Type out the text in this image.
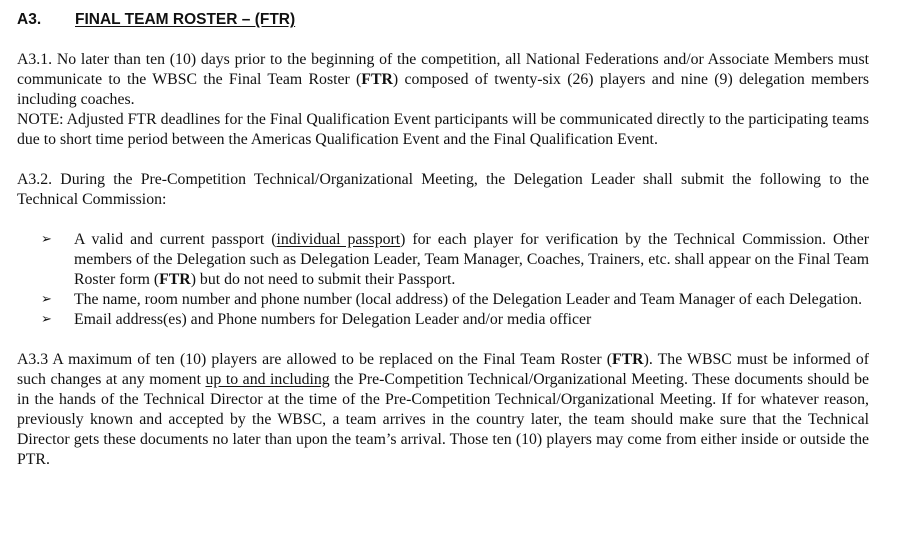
A3. FINAL TEAM ROSTER – (FTR)

A3.1. No later than ten (10) days prior to the beginning of the competition, all National Federations and/or Associate Members must communicate to the WBSC the Final Team Roster (FTR) composed of twenty-six (26) players and nine (9) delegation members including coaches.
NOTE: Adjusted FTR deadlines for the Final Qualification Event participants will be communicated directly to the participating teams due to short time period between the Americas Qualification Event and the Final Qualification Event.

A3.2. During the Pre-Competition Technical/Organizational Meeting, the Delegation Leader shall submit the following to the Technical Commission:

➢ A valid and current passport (individual passport) for each player for verification by the Technical Commission. Other members of the Delegation such as Delegation Leader, Team Manager, Coaches, Trainers, etc. shall appear on the Final Team Roster form (FTR) but do not need to submit their Passport.
➢ The name, room number and phone number (local address) of the Delegation Leader and Team Manager of each Delegation.
➢ Email address(es) and Phone numbers for Delegation Leader and/or media officer

A3.3 A maximum of ten (10) players are allowed to be replaced on the Final Team Roster (FTR). The WBSC must be informed of such changes at any moment up to and including the Pre-Competition Technical/Organizational Meeting. These documents should be in the hands of the Technical Director at the time of the Pre-Competition Technical/Organizational Meeting. If for whatever reason, previously known and accepted by the WBSC, a team arrives in the country later, the team should make sure that the Technical Director gets these documents no later than upon the team’s arrival. Those ten (10) players may come from either inside or outside the PTR.
